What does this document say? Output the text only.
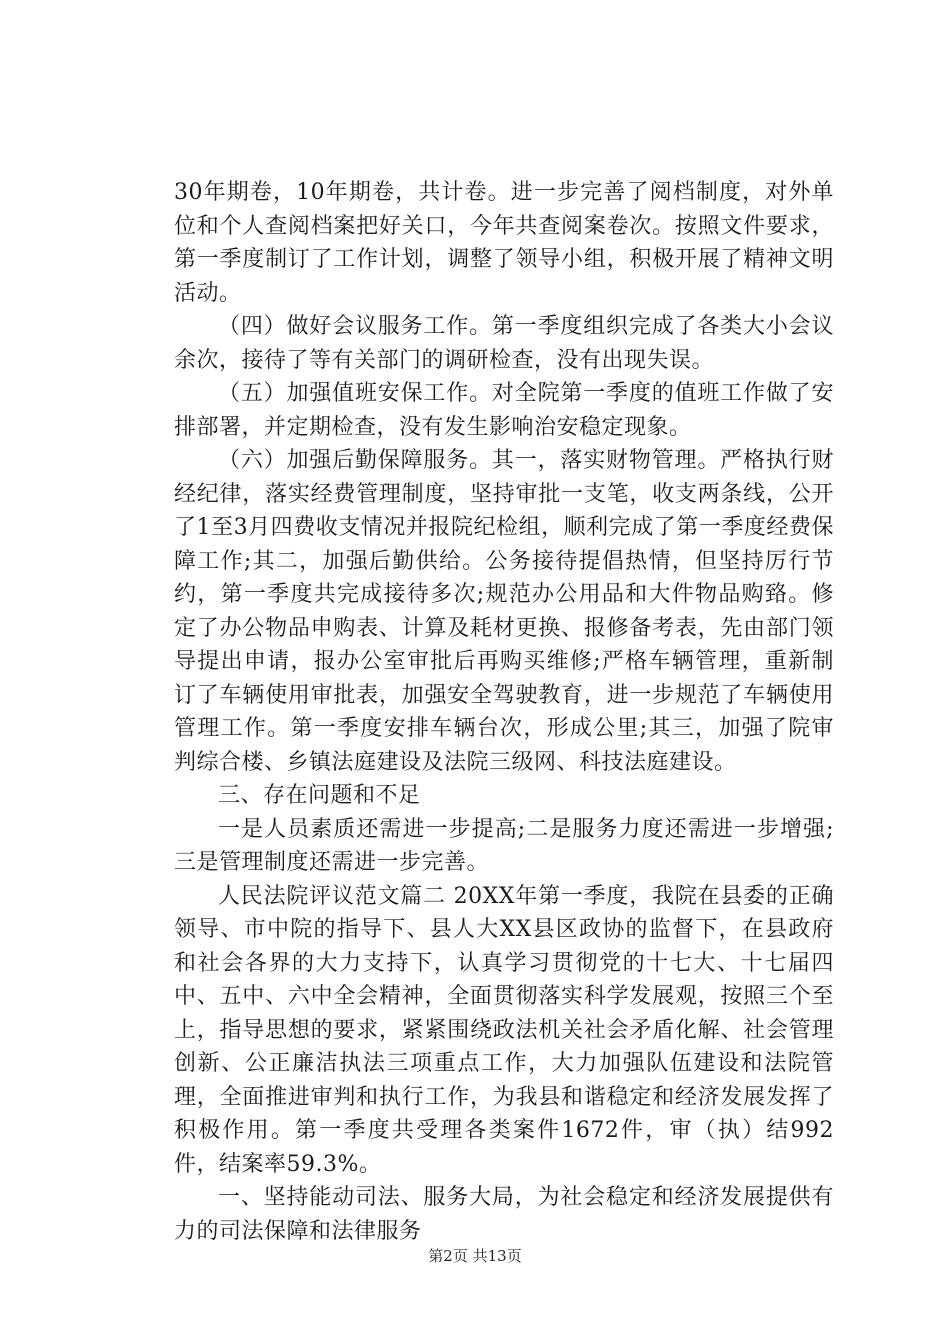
30年期卷，10年期卷，共计卷。进一步完善了阅档制度，对外单位和个人查阅档案把好关口，今年共查阅案卷次。按照文件要求，第一季度制订了工作计划，调整了领导小组，积极开展了精神文明活动。

（四）做好会议服务工作。第一季度组织完成了各类大小会议余次，接待了等有关部门的调研检查，没有出现失误。

（五）加强值班安保工作。对全院第一季度的值班工作做了安排部署，并定期检查，没有发生影响治安稳定现象。

（六）加强后勤保障服务。其一，落实财物管理。严格执行财经纪律，落实经费管理制度，坚持审批一支笔，收支两条线，公开了1至3月四费收支情况并报院纪检组，顺利完成了第一季度经费保障工作;其二，加强后勤供给。公务接待提倡热情，但坚持厉行节约，第一季度共完成接待多次;规范办公用品和大件物品购臵。修定了办公物品申购表、计算及耗材更换、报修备考表，先由部门领导提出申请，报办公室审批后再购买维修;严格车辆管理，重新制订了车辆使用审批表，加强安全驾驶教育，进一步规范了车辆使用管理工作。第一季度安排车辆台次，形成公里;其三，加强了院审判综合楼、乡镇法庭建设及法院三级网、科技法庭建设。

三、存在问题和不足

一是人员素质还需进一步提高;二是服务力度还需进一步增强;三是管理制度还需进一步完善。

人民法院评议范文篇二 20XX年第一季度，我院在县委的正确领导、市中院的指导下、县人大XX县区政协的监督下，在县政府和社会各界的大力支持下，认真学习贯彻党的十七大、十七届四中、五中、六中全会精神，全面贯彻落实科学发展观，按照三个至上，指导思想的要求，紧紧围绕政法机关社会矛盾化解、社会管理创新、公正廉洁执法三项重点工作，大力加强队伍建设和法院管理，全面推进审判和执行工作，为我县和谐稳定和经济发展发挥了积极作用。第一季度共受理各类案件1672件，审（执）结992件，结案率59.3%。

一、坚持能动司法、服务大局，为社会稳定和经济发展提供有力的司法保障和法律服务

第2页 共13页
